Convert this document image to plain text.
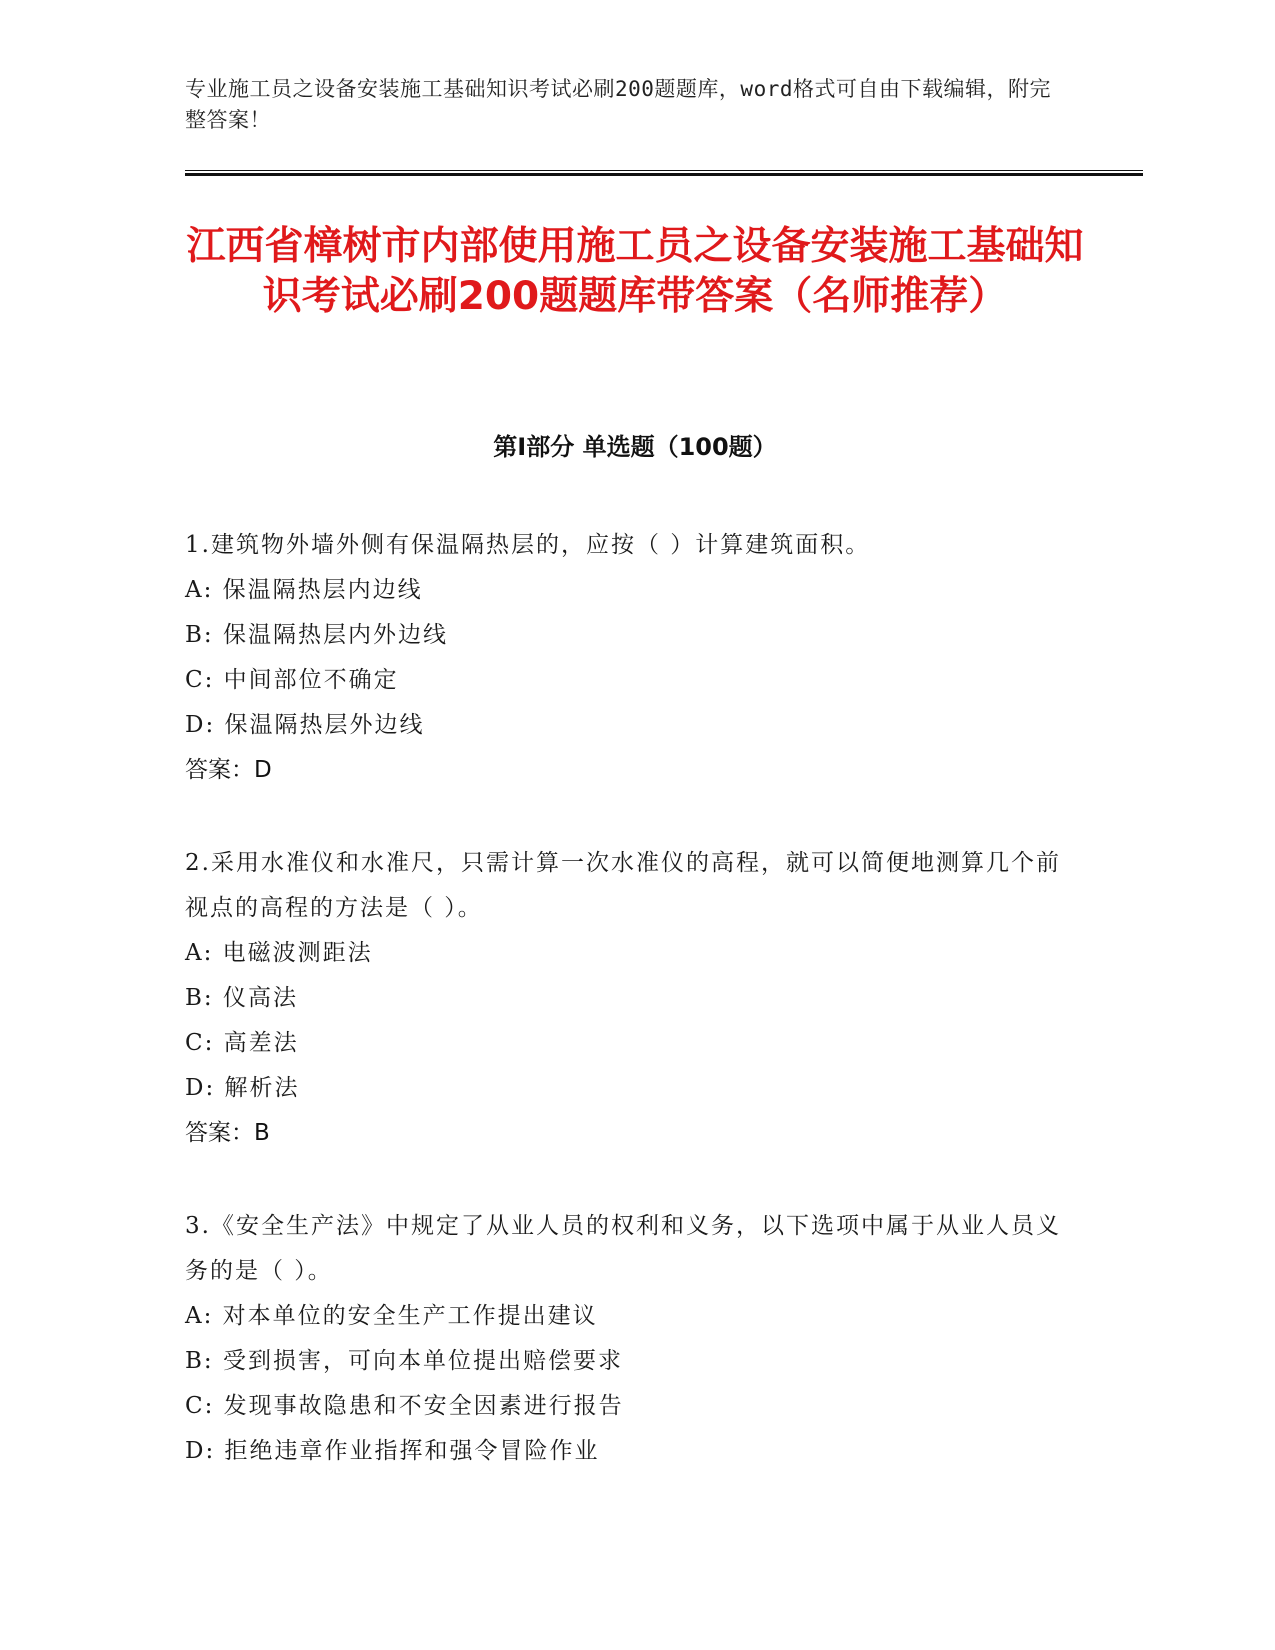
专业施工员之设备安装施工基础知识考试必刷200题题库，word格式可自由下载编辑，附完整答案！
江西省樟树市内部使用施工员之设备安装施工基础知识考试必刷200题题库带答案（名师推荐）
第I部分 单选题（100题）

1.建筑物外墙外侧有保温隔热层的，应按（ ）计算建筑面积。

A: 保温隔热层内边线

B: 保温隔热层内外边线

C: 中间部位不确定

D: 保温隔热层外边线

答案：D

2.采用水准仪和水准尺，只需计算一次水准仪的高程，就可以简便地测算几个前视点的高程的方法是（ ）。

A: 电磁波测距法

B: 仪高法

C: 高差法

D: 解析法

答案：B

3.《安全生产法》中规定了从业人员的权利和义务，以下选项中属于从业人员义务的是（ ）。

A: 对本单位的安全生产工作提出建议

B: 受到损害，可向本单位提出赔偿要求

C: 发现事故隐患和不安全因素进行报告

D: 拒绝违章作业指挥和强令冒险作业
